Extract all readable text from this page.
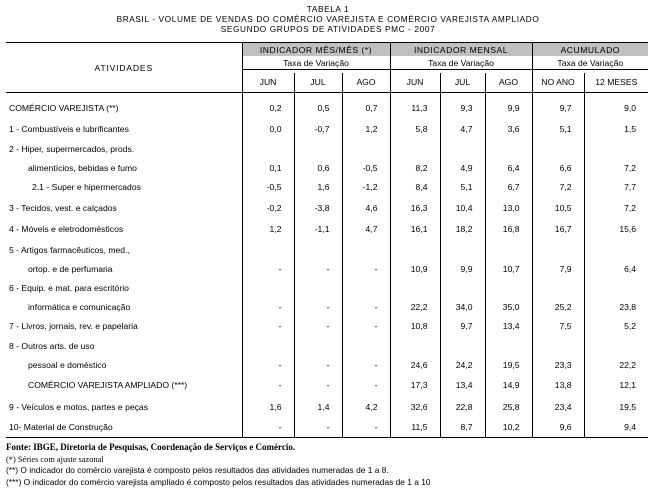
TABELA 1
BRASIL - VOLUME DE VENDAS DO COMÉRCIO VAREJISTA E COMÉRCIO VAREJISTA AMPLIADO
SEGUNDO GRUPOS DE ATIVIDADES PMC - 2007
ATIVIDADES	INDICADOR MÊS/MÊS (*)			INDICADOR MENSAL			ACUMULADO	
	Taxa de Variação			Taxa de Variação			Taxa de Variação	

	JUN	JUL	AGO	JUN	JUL	AGO	NO ANO	12 MESES

COMÉRCIO VAREJISTA (**)	0,2	0,5	0,7	11,3	9,3	9,9	9,7	9,0
1 - Combustíveis e lubrificantes	0,0	-0,7	1,2	5,8	4,7	3,6	5,1	1,5
2 - Hiper, supermercados, prods.								
alimentícios, bebidas e fumo	0,1	0,6	-0,5	8,2	4,9	6,4	6,6	7,2
2.1 - Super e hipermercados	-0,5	1,6	-1,2	8,4	5,1	6,7	7,2	7,7
3 - Tecidos, vest. e calçados	-0,2	-3,8	4,6	16,3	10,4	13,0	10,5	7,2
4 - Móveis e eletrodomésticos	1,2	-1,1	4,7	16,1	18,2	16,8	16,7	15,6
5 - Artigos farmacêuticos, med.,								
ortop. e de perfumaria	-	-	-	10,9	9,9	10,7	7,9	6,4
6 - Equip. e mat. para escritório								
informática e comunicação	-	-	-	22,2	34,0	35,0	25,2	23,8
7 - Livros, jornais, rev. e papelaria	-	-	-	10,8	9,7	13,4	7,5	5,2
8 - Outros arts. de uso								
pessoal e doméstico	-	-	-	24,6	24,2	19,5	23,3	22,2
COMÉRCIO VAREJISTA AMPLIADO (***)	-	-	-	17,3	13,4	14,9	13,8	12,1
9 - Veículos e motos, partes e peças	1,6	1,4	4,2	32,6	22,8	25,8	23,4	19,5
10- Material de Construção	-	-	-	11,5	8,7	10,2	9,6	9,4
Fonte: IBGE, Diretoria de Pesquisas, Coordenação de Serviços e Comércio.
(*) Séries com ajuste sazonal
(**) O indicador do comércio varejista é composto pelos resultados das atividades numeradas de 1 a 8.
(***) O indicador do comércio varejista ampliado é composto pelos resultados das atividades numeradas de 1 a 10
